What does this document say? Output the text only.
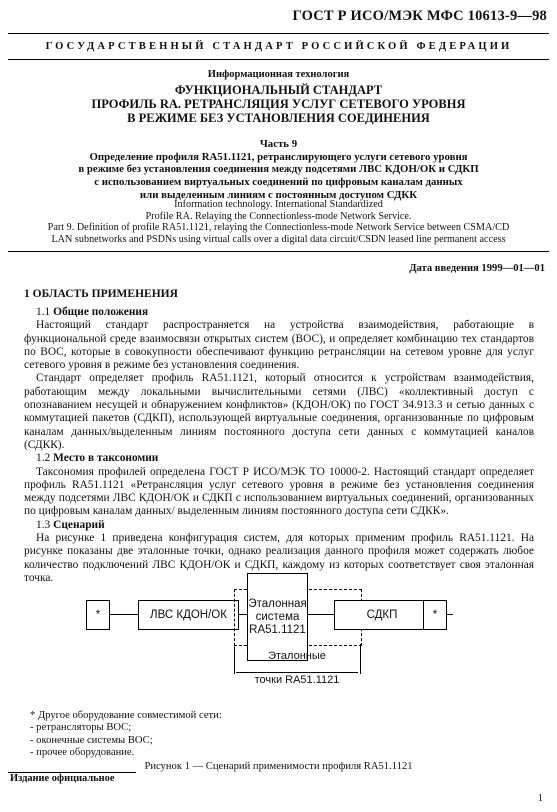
ГОСТ Р ИСО/МЭК МФС 10613-9—98
ГОСУДАРСТВЕННЫЙ СТАНДАРТ РОССИЙСКОЙ ФЕДЕРАЦИИ
Информационная технология
ФУНКЦИОНАЛЬНЫЙ СТАНДАРТ
ПРОФИЛЬ RA. РЕТРАНСЛЯЦИЯ УСЛУГ СЕТЕВОГО УРОВНЯ
В РЕЖИМЕ БЕЗ УСТАНОВЛЕНИЯ СОЕДИНЕНИЯ
Часть 9
Определение профиля RA51.1121, ретранслирующего услуги сетевого уровня
в режиме без установления соединения между подсетями ЛВС КДОН/ОК и СДКП
с использованием виртуальных соединений по цифровым каналам данных
или выделенным линиям с постоянным доступом СДКК
Information technology. International Standardized
Profile RA. Relaying the Connectionless-mode Network Service.
Part 9. Definition of profile RA51.1121, relaying the Connectionless-mode Network Service between CSMA/CD
LAN subnetworks and PSDNs using virtual calls over a digital data circuit/CSDN leased line permanent access
Дата введения 1999—01—01
1 ОБЛАСТЬ ПРИМЕНЕНИЯ
1.1 Общие положения

Настоящий стандарт распространяется на устройства взаимодействия, работающие в функциональной среде взаимосвязи открытых систем (ВОС), и определяет комбинацию тех стандартов по ВОС, которые в совокупности обеспечивают функцию ретрансляции на сетевом уровне для услуг сетевого уровня в режиме без установления соединения.

Стандарт определяет профиль RA51.1121, который относится к устройствам взаимодействия, работающим между локальными вычислительными сетями (ЛВС) «коллективный доступ с опознаванием несущей и обнаружением конфликтов» (КДОН/ОК) по ГОСТ 34.913.3 и сетью данных с коммутацией пакетов (СДКП), использующей виртуальные соединения, организованные по цифровым каналам данных/выделенным линиям постоянного доступа сети данных с коммутацией каналов (СДКК).

1.2 Место в таксономии

Таксономия профилей определена ГОСТ Р ИСО/МЭК ТО 10000-2. Настоящий стандарт определяет профиль RA51.1121 «Ретрансляция услуг сетевого уровня в режиме без установления соединения между подсетями ЛВС КДОН/ОК и СДКП с использованием виртуальных соединений, организованных по цифровым каналам данных/ выделенным линиям постоянного доступа сети СДКК».

1.3 Сценарий

На рисунке 1 приведена конфигурация систем, для которых применим профиль RA51.1121. На рисунке показаны две эталонные точки, однако реализация данного профиля может содержать любое количество подключений ЛВС КДОН/ОК и СДКП, каждому из которых соответствует своя эталонная точка.

*	ЛВС КДОН/ОК
Эталонная
система
RA51.1121
СДКП	*
Эталонные
точки RA51.1121
* Другое оборудование совместимой сети:
- ретрансляторы ВОС;
- оконечные системы ВОС;
- прочее оборудование.
Рисунок 1 — Сценарий применимости профиля RA51.1121
Издание официальное
1
